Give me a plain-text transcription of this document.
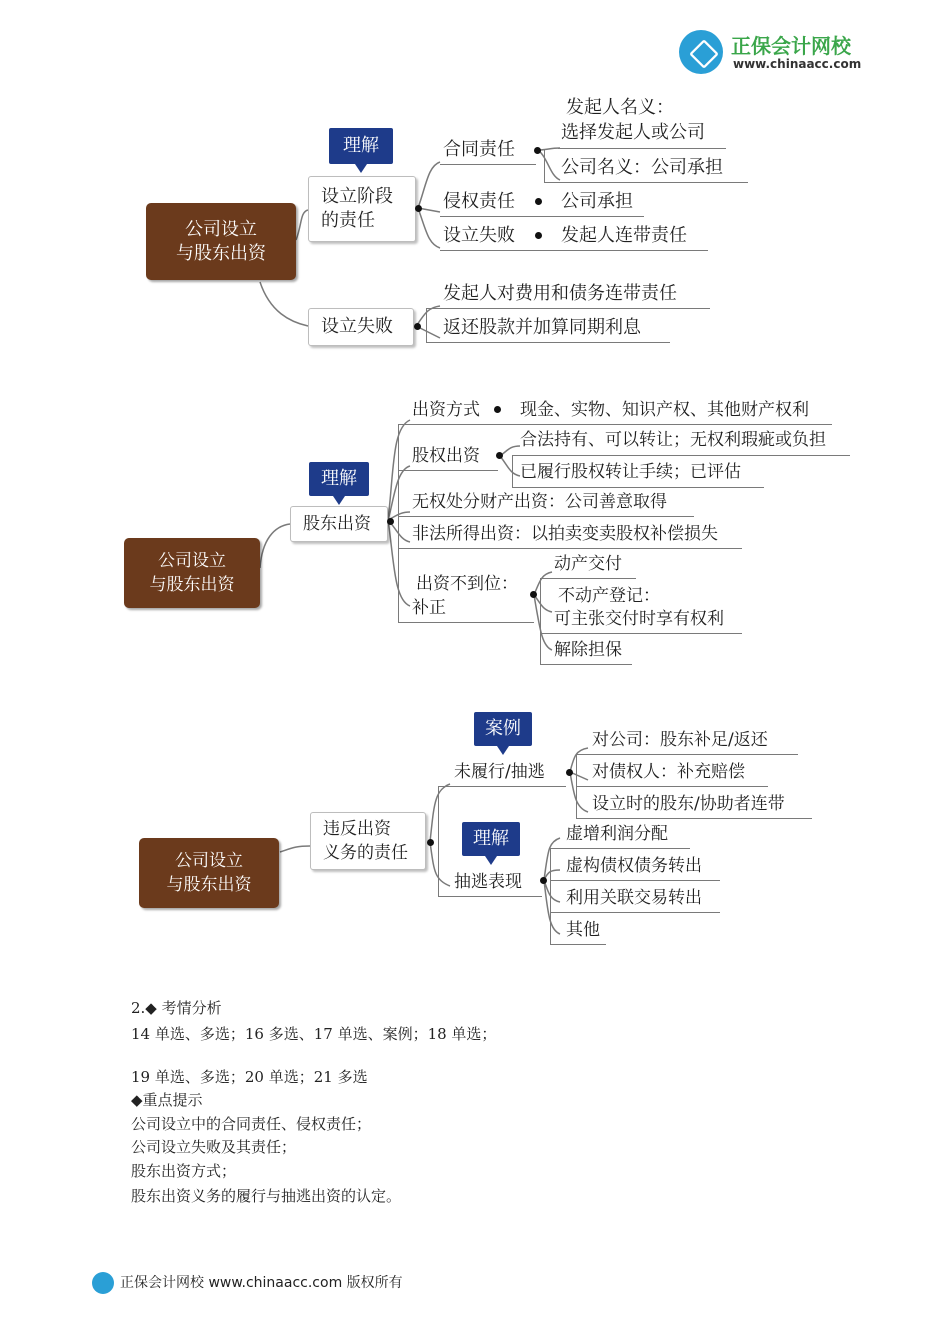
正保会计网校
www.chinaacc.com
公司设立
与股东出资
理解
设立阶段
的责任
合同责任
发起人名义：
选择发起人或公司
公司名义：公司承担
侵权责任	公司承担
设立失败	发起人连带责任
设立失败
发起人对费用和债务连带责任
返还股款并加算同期利息
公司设立
与股东出资
理解
股东出资
出资方式 现金、实物、知识产权、其他财产权利
股权出资
合法持有、可以转让；无权利瑕疵或负担
已履行股权转让手续；已评估
无权处分财产出资：公司善意取得
非法所得出资：以拍卖变卖股权补偿损失
出资不到位：
补正
动产交付
不动产登记：
可主张交付时享有权利
解除担保
公司设立
与股东出资
违反出资
义务的责任
案例
未履行/抽逃
对公司：股东补足/返还
对债权人：补充赔偿
设立时的股东/协助者连带
理解
抽逃表现
虚增利润分配
虚构债权债务转出
利用关联交易转出
其他
2.◆ 考情分析
14 单选、多选；16 多选、17 单选、案例；18 单选；
19 单选、多选；20 单选；21 多选
◆重点提示
公司设立中的合同责任、侵权责任；
公司设立失败及其责任；
股东出资方式；
股东出资义务的履行与抽逃出资的认定。
正保会计网校 www.chinaacc.com 版权所有
